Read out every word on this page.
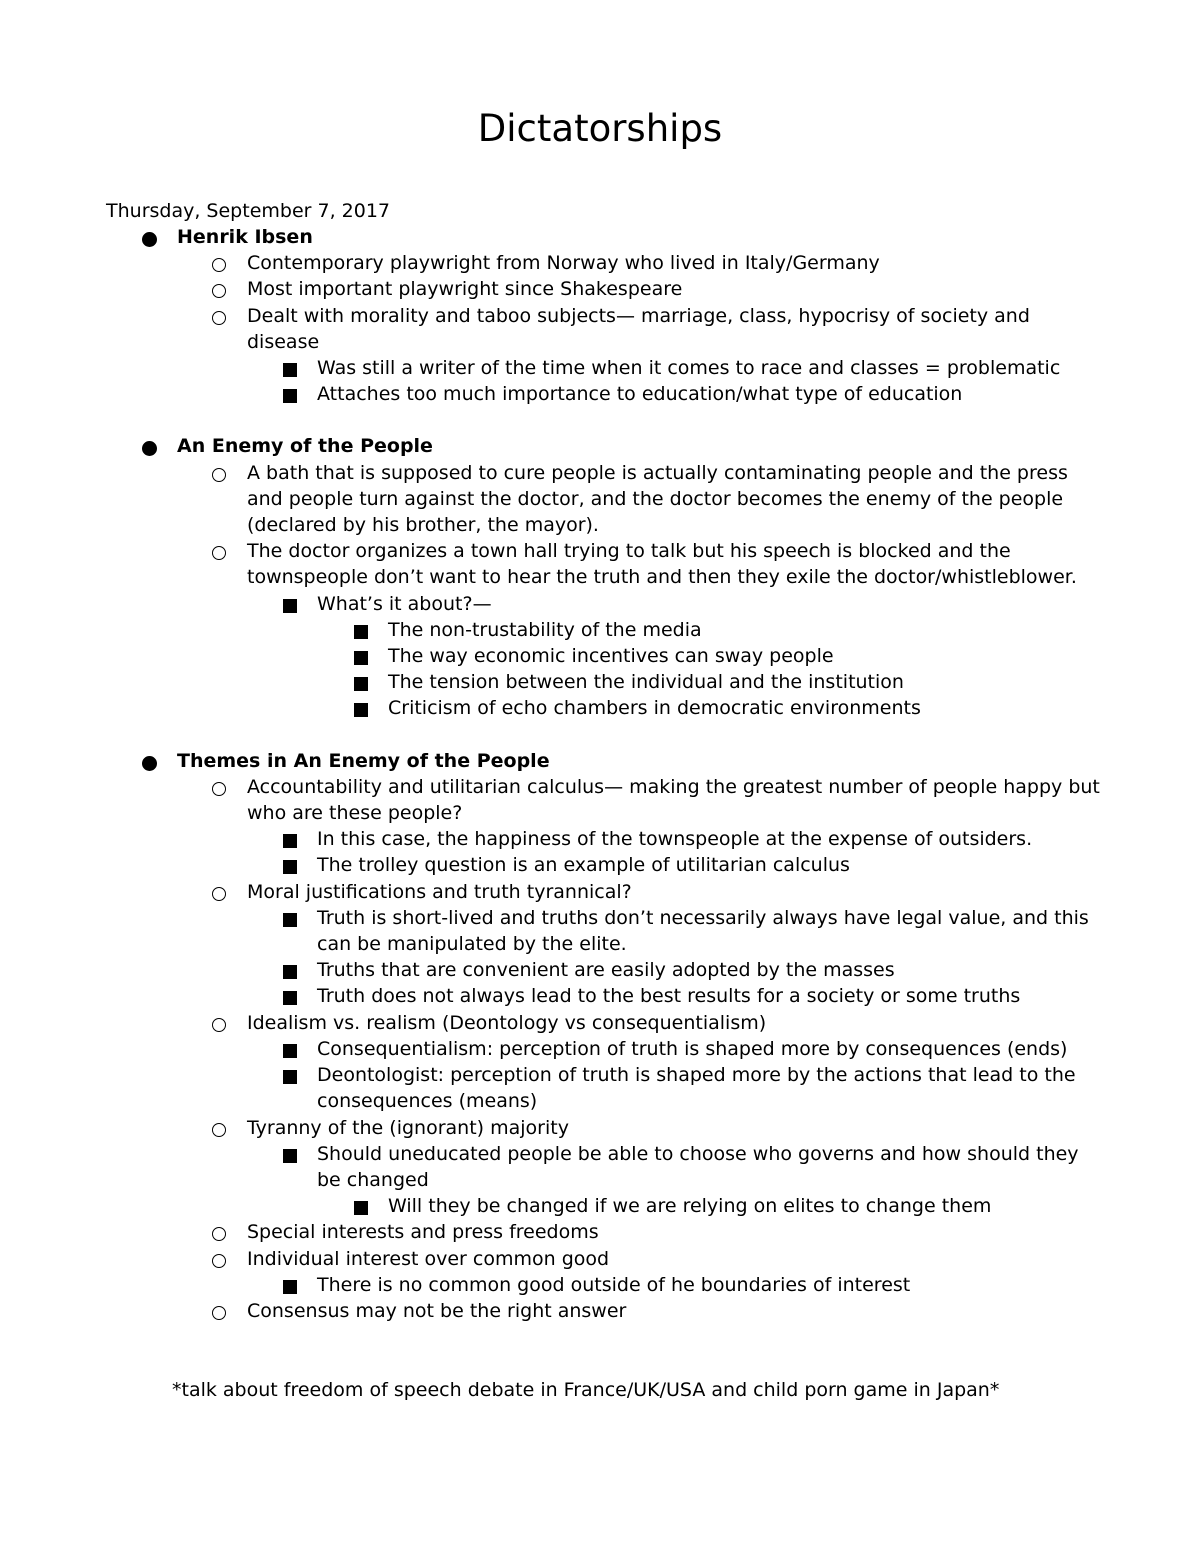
Dictatorships
Thursday, September 7, 2017
Henrik Ibsen
Contemporary playwright from Norway who lived in Italy/Germany
Most important playwright since Shakespeare
Dealt with morality and taboo subjects— marriage, class, hypocrisy of society and disease
Was still a writer of the time when it comes to race and classes = problematic
Attaches too much importance to education/what type of education
An Enemy of the People
A bath that is supposed to cure people is actually contaminating people and the press and people turn against the doctor, and the doctor becomes the enemy of the people (declared by his brother, the mayor).
The doctor organizes a town hall trying to talk but his speech is blocked and the townspeople don’t want to hear the truth and then they exile the doctor/whistleblower.
What’s it about?—
The non-trustability of the media
The way economic incentives can sway people
The tension between the individual and the institution
Criticism of echo chambers in democratic environments
Themes in An Enemy of the People
Accountability and utilitarian calculus— making the greatest number of people happy but who are these people?
In this case, the happiness of the townspeople at the expense of outsiders.
The trolley question is an example of utilitarian calculus
Moral justifications and truth tyrannical?
Truth is short-lived and truths don’t necessarily always have legal value, and this can be manipulated by the elite.
Truths that are convenient are easily adopted by the masses
Truth does not always lead to the best results for a society or some truths
Idealism vs. realism (Deontology vs consequentialism)
Consequentialism: perception of truth is shaped more by consequences (ends)
Deontologist: perception of truth is shaped more by the actions that lead to the consequences (means)
Tyranny of the (ignorant) majority
Should uneducated people be able to choose who governs and how should they be changed
Will they be changed if we are relying on elites to change them
Special interests and press freedoms
Individual interest over common good
There is no common good outside of he boundaries of interest
Consensus may not be the right answer
*talk about freedom of speech debate in France/UK/USA and child porn game in Japan*
